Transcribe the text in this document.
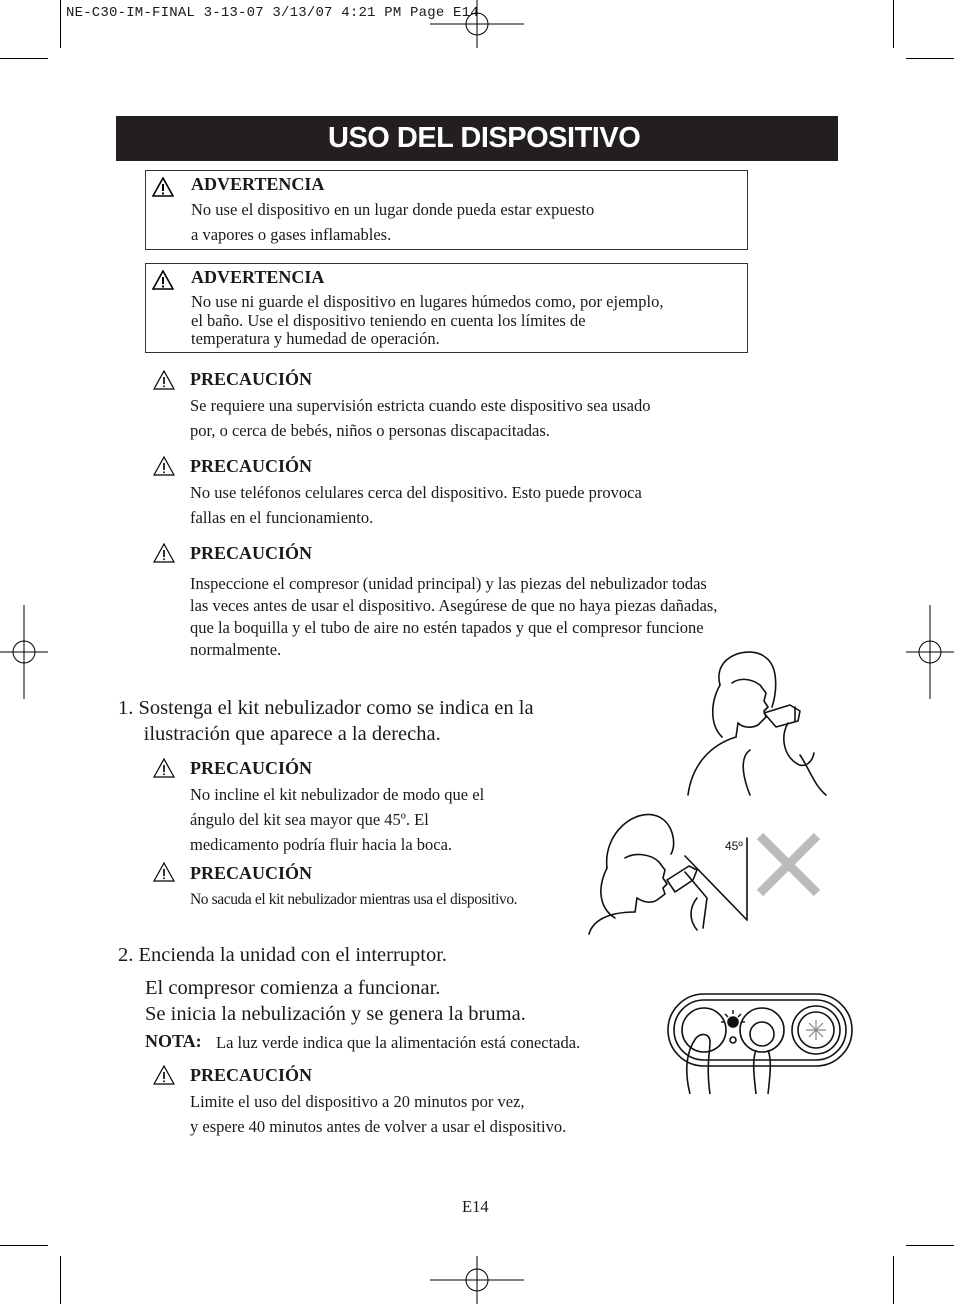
NE-C30-IM-FINAL 3-13-07 3/13/07 4:21 PM Page E14
USO DEL DISPOSITIVO
ADVERTENCIA
No use el dispositivo en un lugar donde pueda estar expuesto
a vapores o gases inflamables.
ADVERTENCIA
No use ni guarde el dispositivo en lugares húmedos como, por ejemplo,
el baño. Use el dispositivo teniendo en cuenta los límites de
temperatura y humedad de operación.
PRECAUCIÓN
Se requiere una supervisión estricta cuando este dispositivo sea usado
por, o cerca de bebés, niños o personas discapacitadas.
PRECAUCIÓN
No use teléfonos celulares cerca del dispositivo. Esto puede provoca
fallas en el funcionamiento.
PRECAUCIÓN
Inspeccione el compresor (unidad principal) y las piezas del nebulizador todas
las veces antes de usar el dispositivo. Asegúrese de que no haya piezas dañadas,
que la boquilla y el tubo de aire no estén tapados y que el compresor funcione
normalmente.
1. Sostenga el kit nebulizador como se indica en la
ilustración que aparece a la derecha.
PRECAUCIÓN
No incline el kit nebulizador de modo que el
ángulo del kit sea mayor que 45º. El
medicamento podría fluir hacia la boca.
PRECAUCIÓN
No sacuda el kit nebulizador mientras usa el dispositivo.
45º
2. Encienda la unidad con el interruptor.
El compresor comienza a funcionar.
Se inicia la nebulización y se genera la bruma.
NOTA: La luz verde indica que la alimentación está conectada.
PRECAUCIÓN
Limite el uso del dispositivo a 20 minutos por vez,
y espere 40 minutos antes de volver a usar el dispositivo.
E14
